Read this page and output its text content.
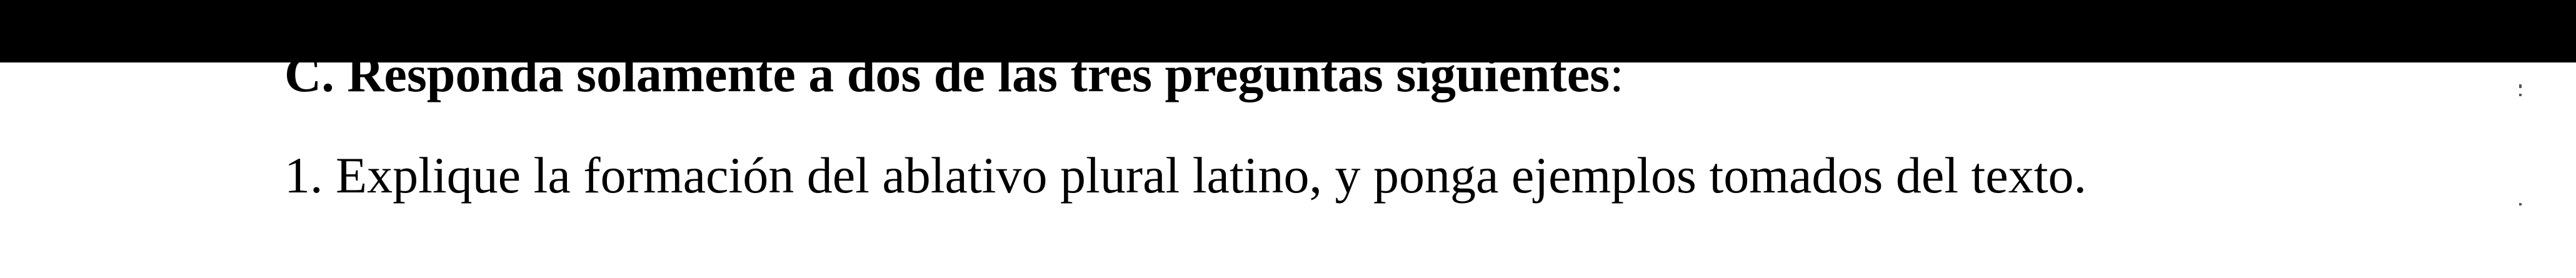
C. Responda solamente a dos de las tres preguntas siguientes:
1. Explique la formación del ablativo plural latino, y ponga ejemplos tomados del texto.
